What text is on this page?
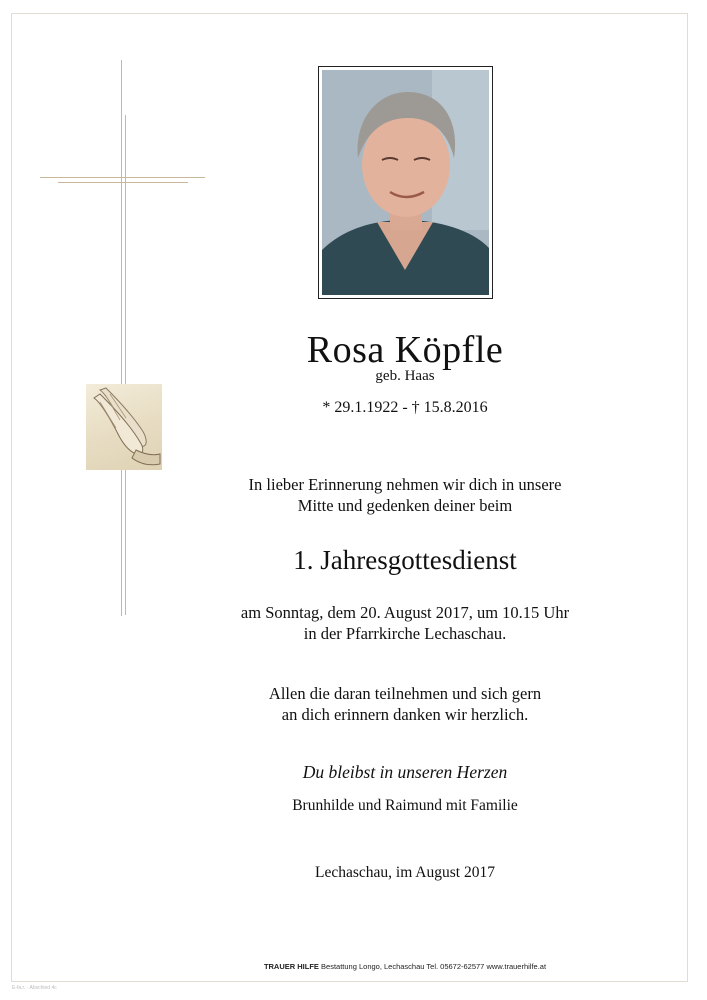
Rosa Köpfle
geb. Haas
* 29.1.1922 - † 15.8.2016
In lieber Erinnerung nehmen wir dich in unsere
Mitte und gedenken deiner beim
1. Jahresgottesdienst
am Sonntag, dem 20. August 2017, um 10.15 Uhr
in der Pfarrkirche Lechaschau.
Allen die daran teilnehmen und sich gern
an dich erinnern danken wir herzlich.
Du bleibst in unseren Herzen
Brunhilde und Raimund mit Familie
Lechaschau, im August 2017
TRAUER HILFE Bestattung Longo, Lechaschau Tel. 05672-62577 www.trauerhilfe.at
E-fa.r. · Abschied 4c
